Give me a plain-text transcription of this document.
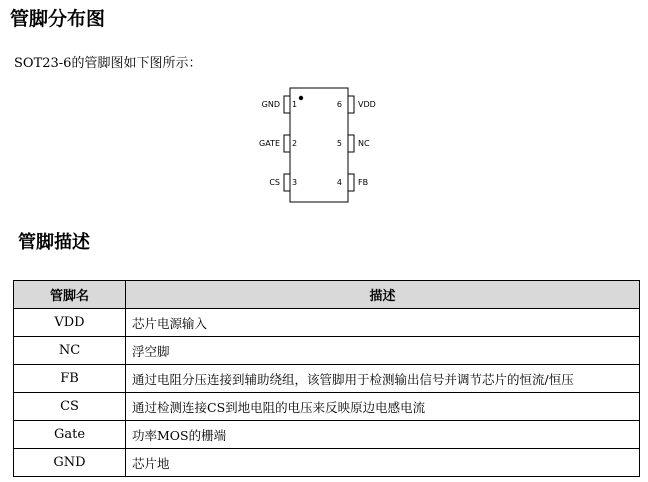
管脚分布图
SOT23-6的管脚图如下图所示：
GND 1
GATE 2
CS 3
6 VDD
5 NC
4 FB
管脚描述
管脚名	描述
VDD	芯片电源输入
NC	浮空脚
FB	通过电阻分压连接到辅助绕组，该管脚用于检测输出信号并调节芯片的恒流/恒压
CS	通过检测连接CS到地电阻的电压来反映原边电感电流
Gate	功率MOS的栅端
GND	芯片地
